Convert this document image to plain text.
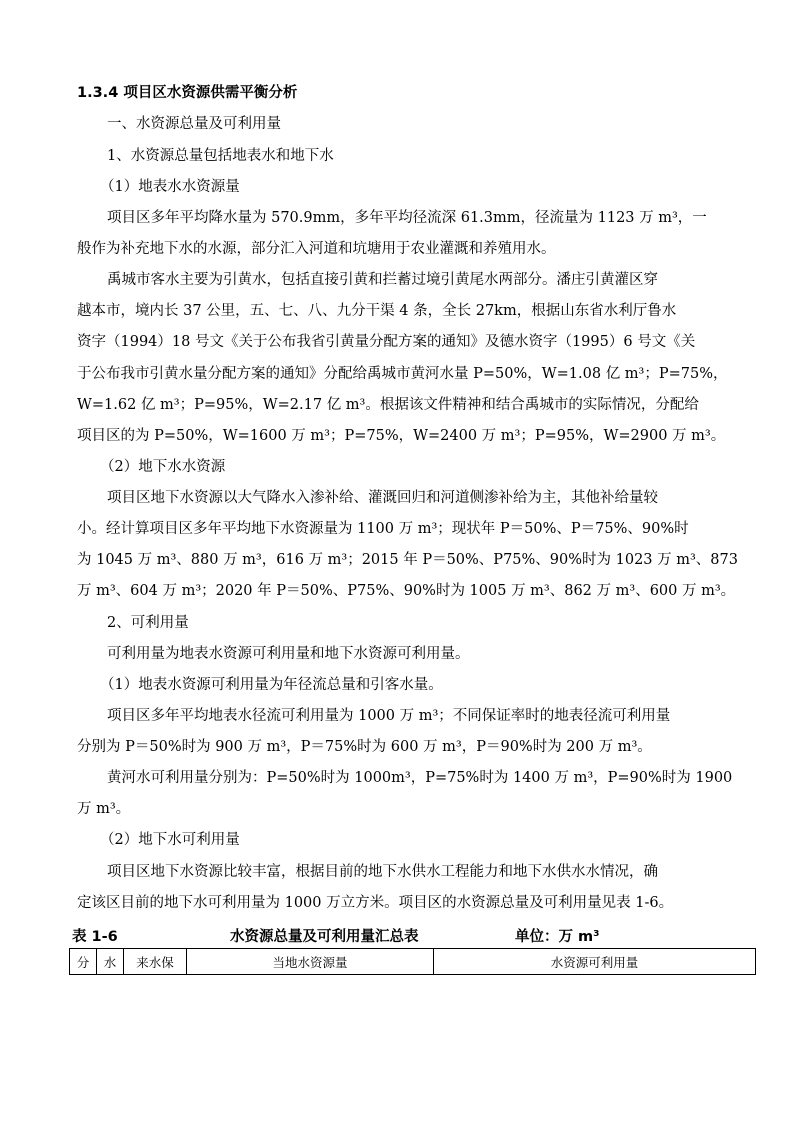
1.3.4 项目区水资源供需平衡分析
一、水资源总量及可利用量
1、水资源总量包括地表水和地下水
（1）地表水水资源量
项目区多年平均降水量为 570.9mm，多年平均径流深 61.3mm，径流量为 1123 万 m³，一
般作为补充地下水的水源，部分汇入河道和坑塘用于农业灌溉和养殖用水。
禹城市客水主要为引黄水，包括直接引黄和拦蓄过境引黄尾水两部分。潘庄引黄灌区穿
越本市，境内长 37 公里，五、七、八、九分干渠 4 条，全长 27km，根据山东省水利厅鲁水
资字（1994）18 号文《关于公布我省引黄量分配方案的通知》及德水资字（1995）6 号文《关
于公布我市引黄水量分配方案的通知》分配给禹城市黄河水量 P=50%，W=1.08 亿 m³；P=75%，
W=1.62 亿 m³；P=95%，W=2.17 亿 m³。根据该文件精神和结合禹城市的实际情况，分配给
项目区的为 P=50%，W=1600 万 m³；P=75%，W=2400 万 m³；P=95%，W=2900 万 m³。
（2）地下水水资源
项目区地下水资源以大气降水入渗补给、灌溉回归和河道侧渗补给为主，其他补给量较
小。经计算项目区多年平均地下水资源量为 1100 万 m³；现状年 P＝50%、P＝75%、90%时
为 1045 万 m³、880 万 m³，616 万 m³；2015 年 P＝50%、P75%、90%时为 1023 万 m³、873
万 m³、604 万 m³；2020 年 P＝50%、P75%、90%时为 1005 万 m³、862 万 m³、600 万 m³。
2、可利用量
可利用量为地表水资源可利用量和地下水资源可利用量。
（1）地表水资源可利用量为年径流总量和引客水量。
项目区多年平均地表水径流可利用量为 1000 万 m³；不同保证率时的地表径流可利用量
分别为 P＝50%时为 900 万 m³，P＝75%时为 600 万 m³，P＝90%时为 200 万 m³。
黄河水可利用量分别为：P=50%时为 1000m³，P=75%时为 1400 万 m³，P=90%时为 1900
万 m³。
（2）地下水可利用量
项目区地下水资源比较丰富，根据目前的地下水供水工程能力和地下水供水水情况，确
定该区目前的地下水可利用量为 1000 万立方米。项目区的水资源总量及可利用量见表 1-6。
表 1-6	水资源总量及可利用量汇总表	单位：万 m³
分	水	来水保	当地水资源量	水资源可利用量
